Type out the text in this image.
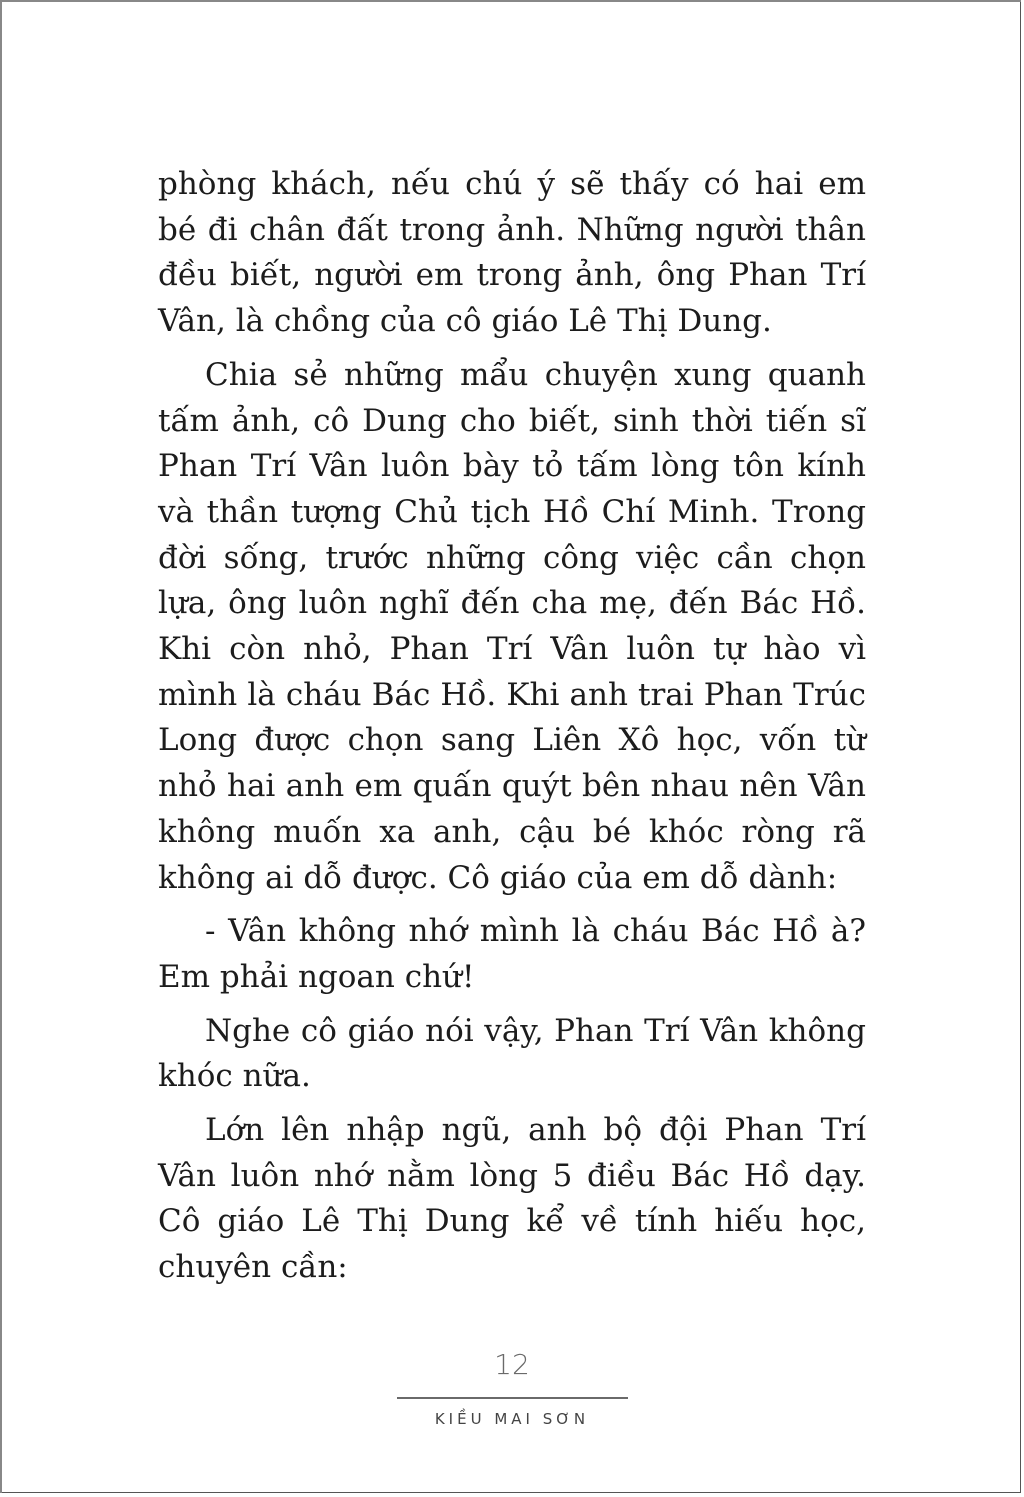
phòng khách, nếu chú ý sẽ thấy có hai em bé đi chân đất trong ảnh. Những người thân đều biết, người em trong ảnh, ông Phan Trí Vân, là chồng của cô giáo Lê Thị Dung.

Chia sẻ những mẩu chuyện xung quanh tấm ảnh, cô Dung cho biết, sinh thời tiến sĩ Phan Trí Vân luôn bày tỏ tấm lòng tôn kính và thần tượng Chủ tịch Hồ Chí Minh. Trong đời sống, trước những công việc cần chọn lựa, ông luôn nghĩ đến cha mẹ, đến Bác Hồ. Khi còn nhỏ, Phan Trí Vân luôn tự hào vì mình là cháu Bác Hồ. Khi anh trai Phan Trúc Long được chọn sang Liên Xô học, vốn từ nhỏ hai anh em quấn quýt bên nhau nên Vân không muốn xa anh, cậu bé khóc ròng rã không ai dỗ được. Cô giáo của em dỗ dành:

- Vân không nhớ mình là cháu Bác Hồ à? Em phải ngoan chứ!

Nghe cô giáo nói vậy, Phan Trí Vân không khóc nữa.

Lớn lên nhập ngũ, anh bộ đội Phan Trí Vân luôn nhớ nằm lòng 5 điều Bác Hồ dạy. Cô giáo Lê Thị Dung kể về tính hiếu học, chuyên cần:

12
KIỀU MAI SƠN
